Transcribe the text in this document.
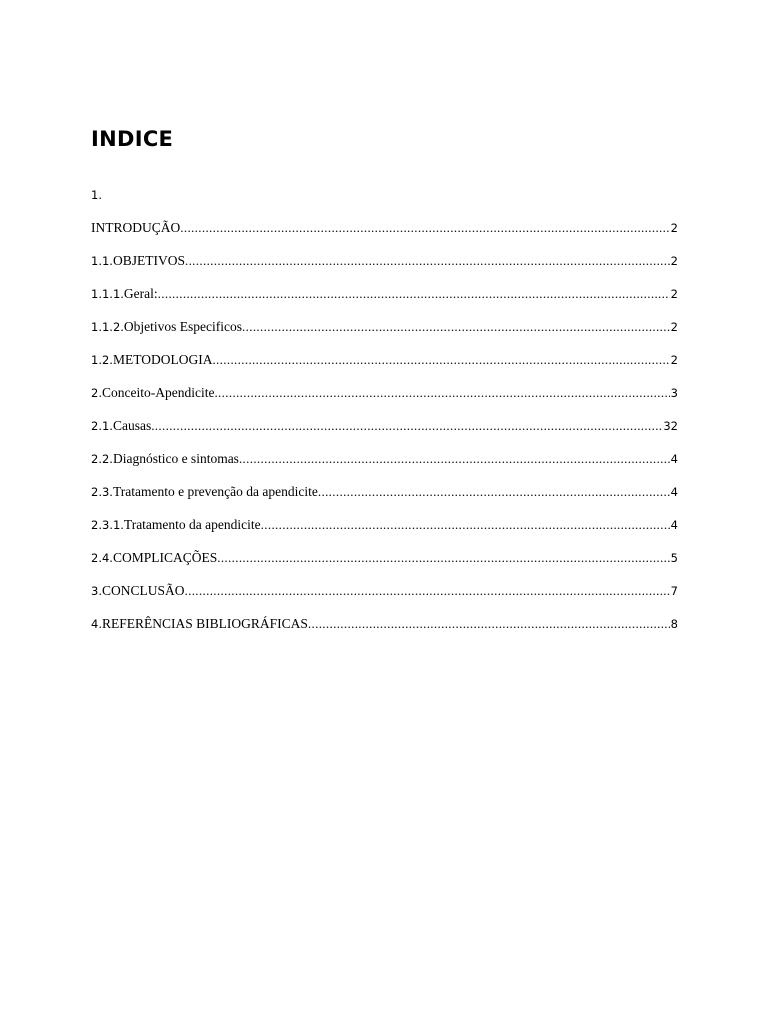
INDICE
1.
INTRODUÇÃO .....	2
1.1. OBJETIVOS .....	2
1.1.1. Geral: .....	2
1.1.2. Objetivos Especificos .....	2
1.2. METODOLOGIA .....	2
2. Conceito-Apendicite .....	3
2.1. Causas .....	32
2.2. Diagnóstico e sintomas .....	4
2.3. Tratamento e prevenção da apendicite .....	4
2.3.1. Tratamento da apendicite .....	4
2.4. COMPLICAÇÕES .....	5
3. CONCLUSÃO .....	7
4. REFERÊNCIAS BIBLIOGRÁFICAS .....	8
